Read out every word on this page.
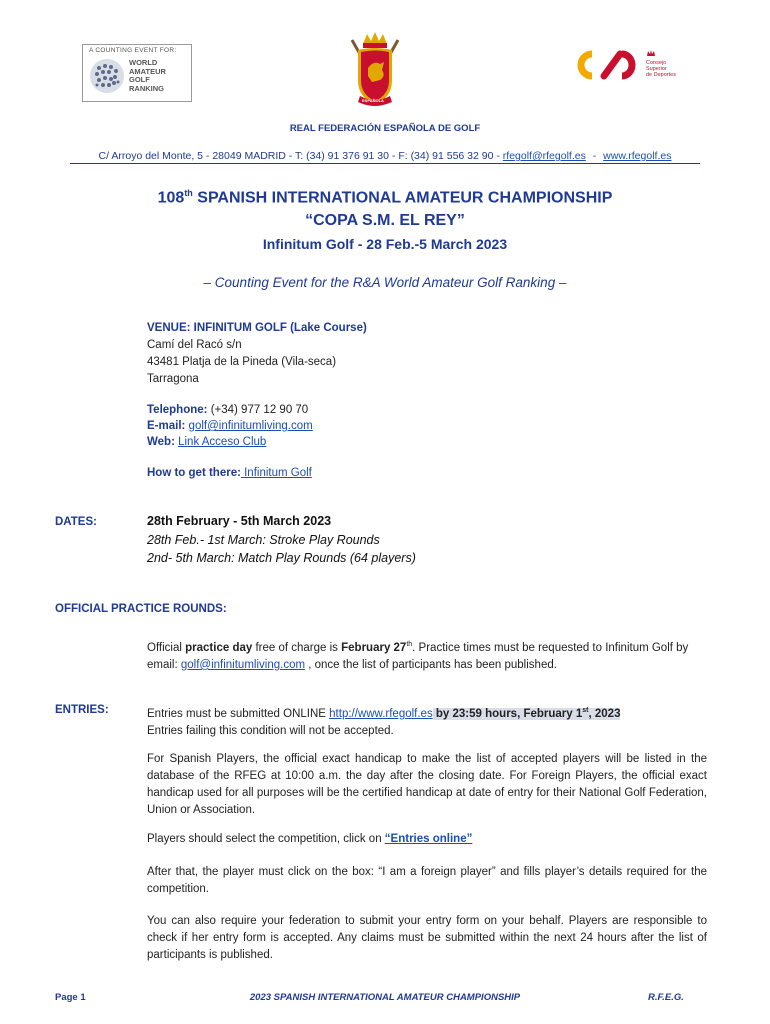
A COUNTING EVENT FOR:
WORLD
AMATEUR
GOLF
RANKING
ESPAÑOLA
Consejo
Superior
de Deportes
REAL FEDERACIÓN ESPAÑOLA DE GOLF
C/ Arroyo del Monte, 5 - 28049 MADRID - T: (34) 91 376 91 30 - F: (34) 91 556 32 90 - rfegolf@rfegolf.es - www.rfegolf.es
108th SPANISH INTERNATIONAL AMATEUR CHAMPIONSHIP
“COPA S.M. EL REY”
Infinitum Golf - 28 Feb.-5 March 2023
– Counting Event for the R&A World Amateur Golf Ranking –
VENUE: INFINITUM GOLF (Lake Course)
Camí del Racó s/n
43481 Platja de la Pineda (Vila-seca)
Tarragona
Telephone: (+34) 977 12 90 70
E-mail: golf@infinitumliving.com
Web: Link Acceso Club
How to get there: Infinitum Golf
DATES:	28th February - 5th March 2023
28th Feb.- 1st March: Stroke Play Rounds
2nd- 5th March: Match Play Rounds (64 players)
OFFICIAL PRACTICE ROUNDS:
Official practice day free of charge is February 27th. Practice times must be requested to Infinitum Golf by email: golf@infinitumliving.com , once the list of participants has been published.
ENTRIES:	Entries must be submitted ONLINE http://www.rfegolf.es by 23:59 hours, February 1st, 2023
Entries failing this condition will not be accepted.
For Spanish Players, the official exact handicap to make the list of accepted players will be listed in the database of the RFEG at 10:00 a.m. the day after the closing date. For Foreign Players, the official exact handicap used for all purposes will be the certified handicap at date of entry for their National Golf Federation, Union or Association.
Players should select the competition, click on “Entries online”
After that, the player must click on the box: “I am a foreign player” and fills player’s details required for the competition.
You can also require your federation to submit your entry form on your behalf. Players are responsible to check if her entry form is accepted. Any claims must be submitted within the next 24 hours after the list of participants is published.
Page 1	2023 SPANISH INTERNATIONAL AMATEUR CHAMPIONSHIP	R.F.E.G.
